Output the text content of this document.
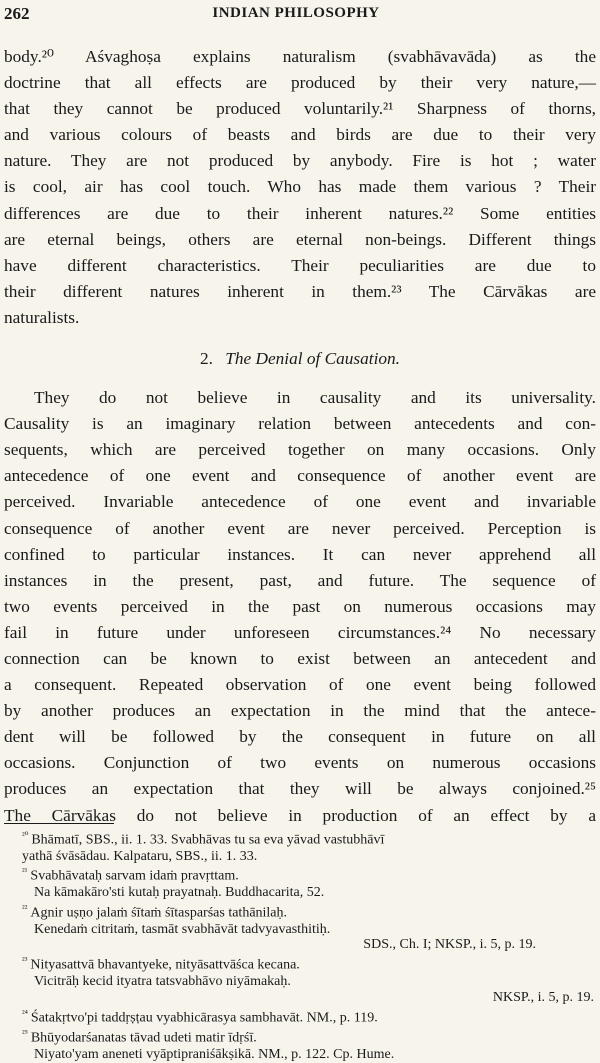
262	INDIAN PHILOSOPHY

body.²⁰ Aśvaghoṣa explains naturalism (svabhāvavāda) as the
doctrine that all effects are produced by their very nature,—
that they cannot be produced voluntarily.²¹ Sharpness of thorns,
and various colours of beasts and birds are due to their very
nature. They are not produced by anybody. Fire is hot ; water
is cool, air has cool touch. Who has made them various ? Their
differences are due to their inherent natures.²² Some entities
are eternal beings, others are eternal non-beings. Different things
have different characteristics. Their peculiarities are due to
their different natures inherent in them.²³ The Cārvākas are
naturalists.

2. The Denial of Causation.

They do not believe in causality and its universality.
Causality is an imaginary relation between antecedents and con-
sequents, which are perceived together on many occasions. Only
antecedence of one event and consequence of another event are
perceived. Invariable antecedence of one event and invariable
consequence of another event are never perceived. Perception is
confined to particular instances. It can never apprehend all
instances in the present, past, and future. The sequence of
two events perceived in the past on numerous occasions may
fail in future under unforeseen circumstances.²⁴ No necessary
connection can be known to exist between an antecedent and
a consequent. Repeated observation of one event being followed
by another produces an expectation in the mind that the antece-
dent will be followed by the consequent in future on all
occasions. Conjunction of two events on numerous occasions
produces an expectation that they will be always conjoined.²⁵
The Cārvākas do not believe in production of an effect by a

$^{^{20}}$ Bhāmatī, SBS., ii. 1. 33. Svabhāvas tu sa eva yāvad vastubhāvī
yathā śvāsādau. Kalpataru, SBS., ii. 1. 33.
$^{^{21}}$ Svabhāvataḥ sarvam idaṁ pravṛttam.
Na kāmakāro'sti kutaḥ prayatnaḥ. Buddhacarita, 52.
$^{^{22}}$ Agnir uṣṇo jalaṁ śītaṁ śītasparśas tathānilaḥ.
Kenedaṁ citritaṁ, tasmāt svabhāvāt tadvyavasthitiḥ.
SDS., Ch. I; NKSP., i. 5, p. 19.
$^{^{23}}$ Nityasattvā bhavantyeke, nityāsattvāśca kecana.
Vicitrāḥ kecid ityatra tatsvabhāvo niyāmakaḥ.
NKSP., i. 5, p. 19.
$^{^{24}}$ Śatakṛtvo'pi taddṛṣṭau vyabhicārasya sambhavāt. NM., p. 119.
$^{^{25}}$ Bhūyodarśanatas tāvad udeti matir īdṛśī.
Niyato'yam aneneti vyāptipraniśākṣikā. NM., p. 122. Cp. Hume.
